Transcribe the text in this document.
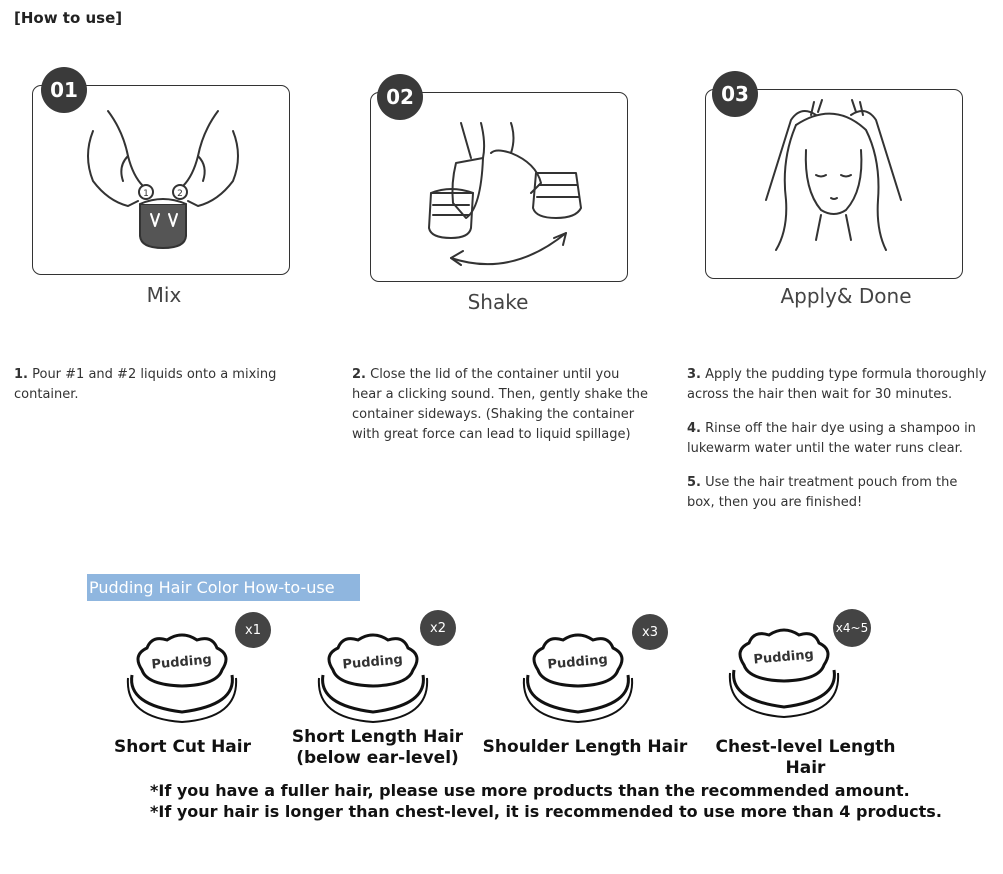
[How to use]
1	2
01
Mix
02
Shake
03
Apply& Done

1. Pour #1 and #2 liquids onto a mixing container.

2. Close the lid of the container until you hear a clicking sound. Then, gently shake the container sideways. (Shaking the container with great force can lead to liquid spillage)

3. Apply the pudding type formula thoroughly across the hair then wait for 30 minutes.

4. Rinse off the hair dye using a shampoo in lukewarm water until the water runs clear.

5. Use the hair treatment pouch from the box, then you are finished!

Pudding Hair Color How-to-use
Pudding
x1
Short Cut Hair
Pudding
x2
Short Length Hair
(below ear-level)
Pudding
x3
Shoulder Length Hair
Pudding
x4~5
Chest-level Length Hair
*If you have a fuller hair, please use more products than the recommended amount.
*If your hair is longer than chest-level, it is recommended to use more than 4 products.
